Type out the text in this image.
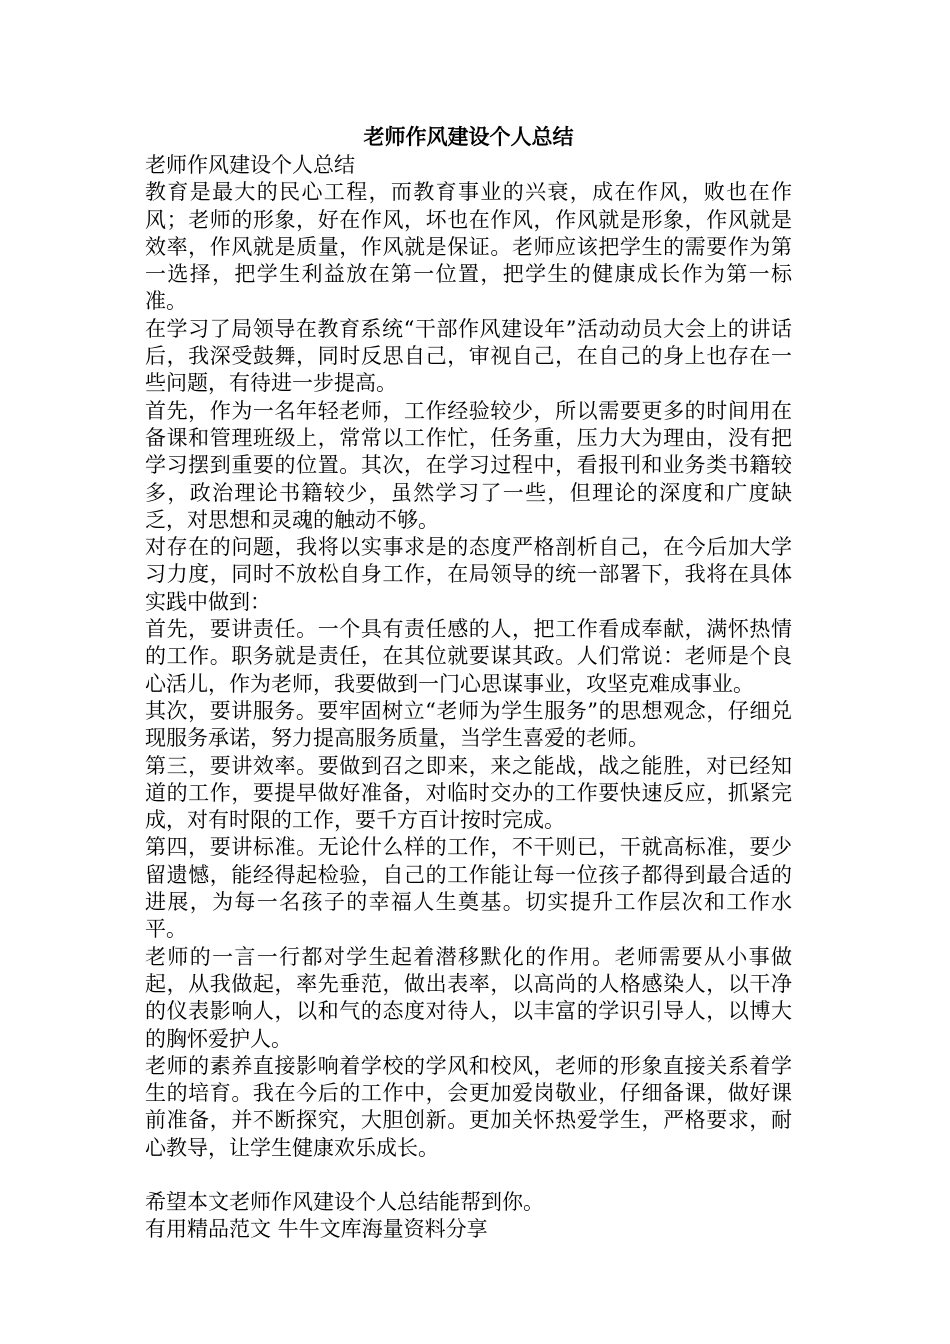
老师作风建设个人总结

老师作风建设个人总结

教育是最大的民心工程，而教育事业的兴衰，成在作风，败也在作风；老师的形象，好在作风，坏也在作风，作风就是形象，作风就是效率，作风就是质量，作风就是保证。老师应该把学生的需要作为第一选择，把学生利益放在第一位置，把学生的健康成长作为第一标准。

在学习了局领导在教育系统“干部作风建设年”活动动员大会上的讲话后，我深受鼓舞，同时反思自己，审视自己，在自己的身上也存在一些问题，有待进一步提高。

首先，作为一名年轻老师，工作经验较少，所以需要更多的时间用在备课和管理班级上，常常以工作忙，任务重，压力大为理由，没有把学习摆到重要的位置。其次，在学习过程中，看报刊和业务类书籍较多，政治理论书籍较少，虽然学习了一些，但理论的深度和广度缺乏，对思想和灵魂的触动不够。

对存在的问题，我将以实事求是的态度严格剖析自己，在今后加大学习力度，同时不放松自身工作，在局领导的统一部署下，我将在具体实践中做到：

首先，要讲责任。一个具有责任感的人，把工作看成奉献，满怀热情的工作。职务就是责任，在其位就要谋其政。人们常说：老师是个良心活儿，作为老师，我要做到一门心思谋事业，攻坚克难成事业。

其次，要讲服务。要牢固树立“老师为学生服务”的思想观念，仔细兑现服务承诺，努力提高服务质量，当学生喜爱的老师。

第三，要讲效率。要做到召之即来，来之能战，战之能胜，对已经知道的工作，要提早做好准备，对临时交办的工作要快速反应，抓紧完成，对有时限的工作，要千方百计按时完成。

第四，要讲标准。无论什么样的工作，不干则已，干就高标准，要少留遗憾，能经得起检验，自己的工作能让每一位孩子都得到最合适的进展，为每一名孩子的幸福人生奠基。切实提升工作层次和工作水平。

老师的一言一行都对学生起着潜移默化的作用。老师需要从小事做起，从我做起，率先垂范，做出表率，以高尚的人格感染人，以干净的仪表影响人，以和气的态度对待人，以丰富的学识引导人，以博大的胸怀爱护人。

老师的素养直接影响着学校的学风和校风，老师的形象直接关系着学生的培育。我在今后的工作中，会更加爱岗敬业，仔细备课，做好课前准备，并不断探究，大胆创新。更加关怀热爱学生，严格要求，耐心教导，让学生健康欢乐成长。

希望本文老师作风建设个人总结能帮到你。

有用精品范文 牛牛文库海量资料分享
